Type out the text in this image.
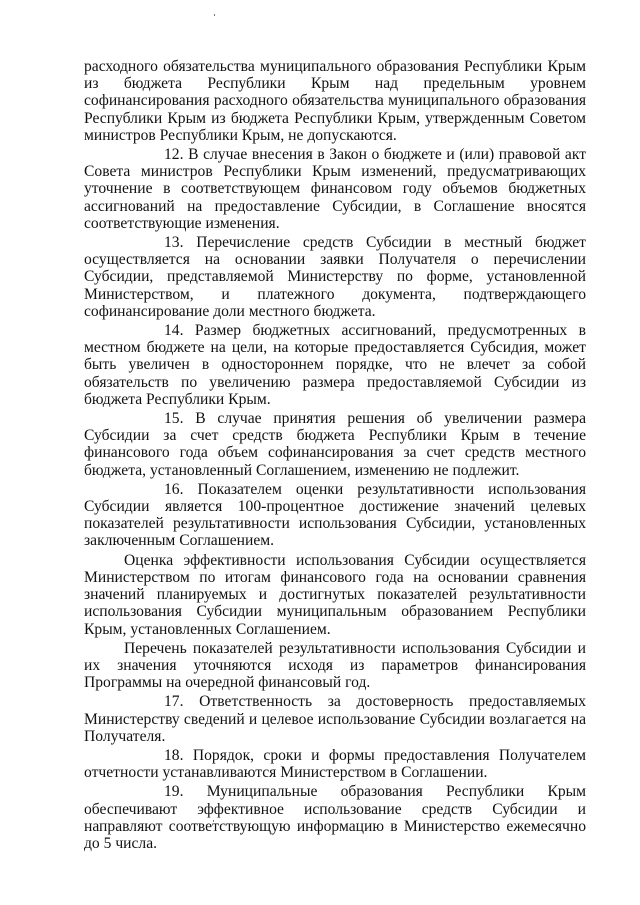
расходного обязательства муниципального образования Республики Крым из бюджета Республики Крым над предельным уровнем софинансирования расходного обязательства муниципального образования Республики Крым из бюджета Республики Крым, утвержденным Советом министров Республики Крым, не допускаются.

12. В случае внесения в Закон о бюджете и (или) правовой акт Совета министров Республики Крым изменений, предусматривающих уточнение в соответствующем финансовом году объемов бюджетных ассигнований на предоставление Субсидии, в Соглашение вносятся соответствующие изменения.

13. Перечисление средств Субсидии в местный бюджет осуществляется на основании заявки Получателя о перечислении Субсидии, представляемой Министерству по форме, установленной Министерством, и платежного документа, подтверждающего софинансирование доли местного бюджета.

14. Размер бюджетных ассигнований, предусмотренных в местном бюджете на цели, на которые предоставляется Субсидия, может быть увеличен в одностороннем порядке, что не влечет за собой обязательств по увеличению размера предоставляемой Субсидии из бюджета Республики Крым.

15. В случае принятия решения об увеличении размера Субсидии за счет средств бюджета Республики Крым в течение финансового года объем софинансирования за счет средств местного бюджета, установленный Соглашением, изменению не подлежит.

16. Показателем оценки результативности использования Субсидии является 100-процентное достижение значений целевых показателей результативности использования Субсидии, установленных заключенным Соглашением.

Оценка эффективности использования Субсидии осуществляется Министерством по итогам финансового года на основании сравнения значений планируемых и достигнутых показателей результативности использования Субсидии муниципальным образованием Республики Крым, установленных Соглашением.

Перечень показателей результативности использования Субсидии и их значения уточняются исходя из параметров финансирования Программы на очередной финансовый год.

17. Ответственность за достоверность предоставляемых Министерству сведений и целевое использование Субсидии возлагается на Получателя.

18. Порядок, сроки и формы предоставления Получателем отчетности устанавливаются Министерством в Соглашении.

19. Муниципальные образования Республики Крым обеспечивают эффективное использование средств Субсидии и направляют соответствующую информацию в Министерство ежемесячно до 5 числа.
